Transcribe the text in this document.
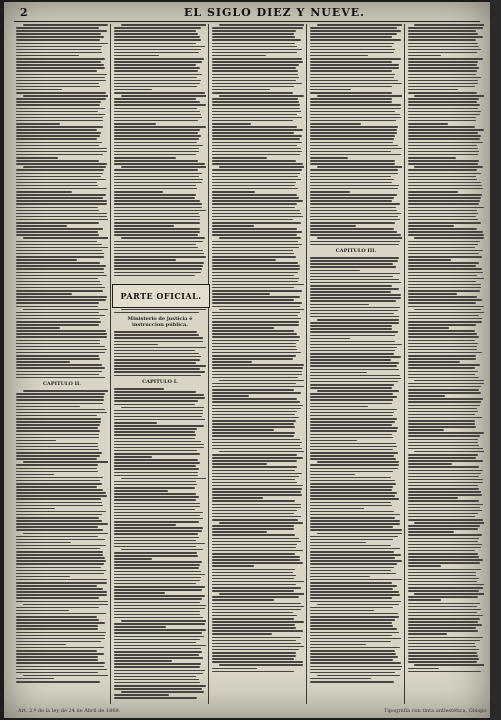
2	EL SIGLO DIEZ Y NUEVE.
CAPITULO II.
Ministerio de justicia é instruccion pública.
CAPITULO I.
CAPITULO III.
PARTE OFICIAL.
Art. 2.º de la ley de 24 de Abril de 1869.	Tipografía con tinta antiestética, Obispo
